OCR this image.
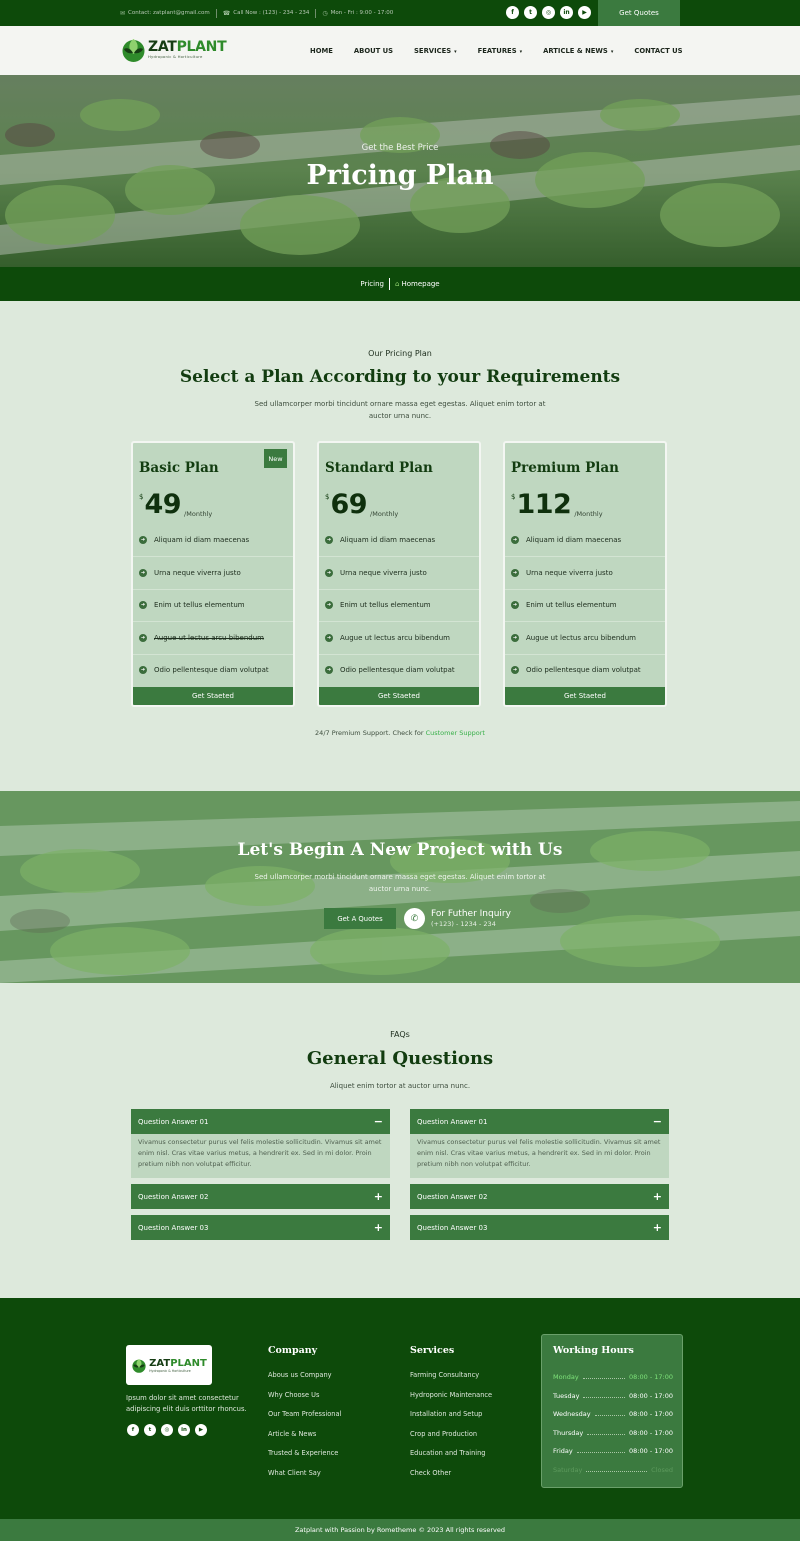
✉ Contact: zatplant@gmail.com ☎ Call Now : (123) - 234 - 234 ◷ Mon - Fri : 9:00 - 17:00	f	t	◎	in	▶	Get Quotes
ZATPLANT
Hydroponic & Horticulture
HOME	ABOUT US	SERVICES ▾	FEATURES ▾	ARTICLE & NEWS ▾	CONTACT US
Get the Best Price
Pricing Plan
Pricing ⌂ Homepage
Our Pricing Plan
Select a Plan According to your Requirements
Sed ullamcorper morbi tincidunt ornare massa eget egestas. Aliquet enim tortor at auctor urna nunc.
Basic Plan
New
$ 49 /Monthly
➜ Aliquam id diam maecenas
➜ Urna neque viverra justo
➜ Enim ut tellus elementum
➜ Augue ut lectus arcu bibendum
➜ Odio pellentesque diam volutpat
Get Staeted
Standard Plan
$ 69 /Monthly
➜ Aliquam id diam maecenas
➜ Urna neque viverra justo
➜ Enim ut tellus elementum
➜ Augue ut lectus arcu bibendum
➜ Odio pellentesque diam volutpat
Get Staeted
Premium Plan
$ 112 /Monthly
➜ Aliquam id diam maecenas
➜ Urna neque viverra justo
➜ Enim ut tellus elementum
➜ Augue ut lectus arcu bibendum
➜ Odio pellentesque diam volutpat
Get Staeted
24/7 Premium Support. Check for Customer Support
Let's Begin A New Project with Us
Sed ullamcorper morbi tincidunt ornare massa eget egestas. Aliquet enim tortor at auctor urna nunc.
Get A Quotes	✆	For Futher Inquiry
(+123) - 1234 - 234
FAQs
General Questions
Aliquet enim tortor at auctor urna nunc.
Question Answer 01	−
Vivamus consectetur purus vel felis molestie sollicitudin. Vivamus sit amet enim nisl. Cras vitae varius metus, a hendrerit ex. Sed in mi dolor. Proin pretium nibh non volutpat efficitur.
Question Answer 02	+
Question Answer 03	+
Question Answer 01	−
Vivamus consectetur purus vel felis molestie sollicitudin. Vivamus sit amet enim nisl. Cras vitae varius metus, a hendrerit ex. Sed in mi dolor. Proin pretium nibh non volutpat efficitur.
Question Answer 02	+
Question Answer 03	+
ZATPLANT
Hydroponic & Horticulture
Ipsum dolor sit amet consectetur adipiscing elit duis orttitor rhoncus.
f	t	◎	in	▶
Company
Abous us Company
Why Choose Us
Our Team Professional
Article & News
Trusted & Experience
What Client Say
Services
Farming Consultancy
Hydroponic Maintenance
Installation and Setup
Crop and Production
Education and Training
Check Other
Working Hours
Monday	08:00 - 17:00
Tuesday	08:00 - 17:00
Wednesday	08:00 - 17:00
Thursday	08:00 - 17:00
Friday	08:00 - 17:00
Saturday	Closed
Zatplant with Passion by Rometheme © 2023 All rights reserved
